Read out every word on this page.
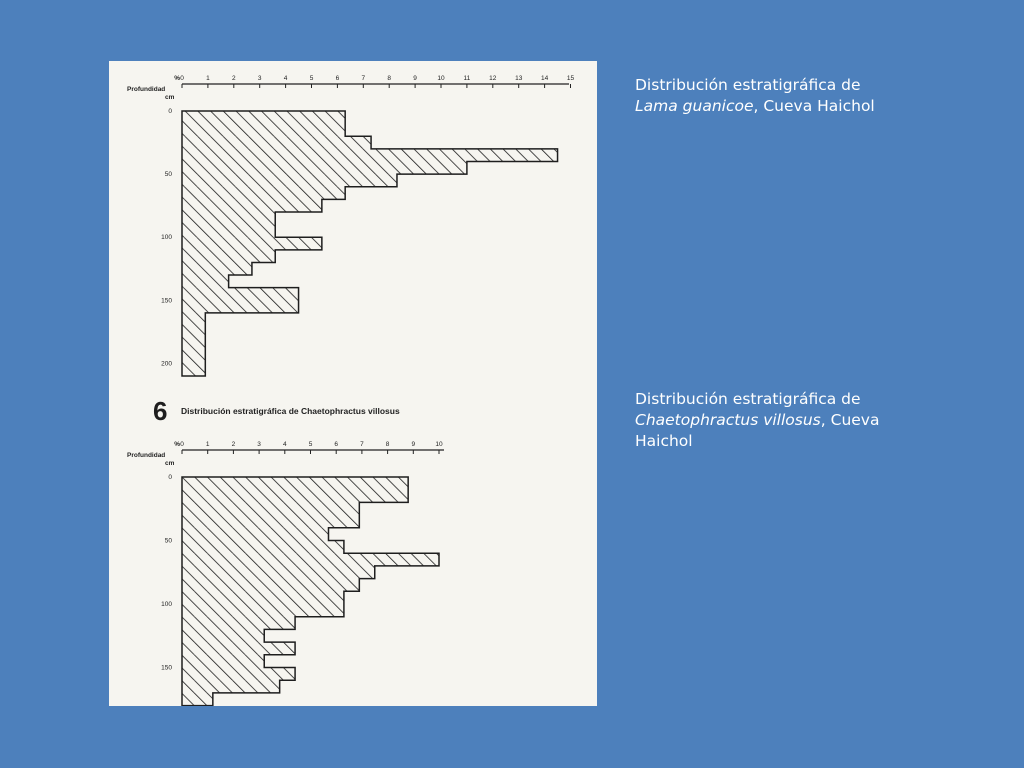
6 Distribución estratigráfica de Chaetophractus villosus
% 0	1	2	3	4	5	6	7	8	9	10	11	12	13	14	15
Profundidad
cm
0
50
100
150
200
% 0	1	2	3	4	5	6	7	8	9	10
Profundidad
cm
0
50
100
150
Distribución estratigráfica de
Lama guanicoe, Cueva Haichol
Distribución estratigráfica de
Chaetophractus villosus, Cueva Haichol
